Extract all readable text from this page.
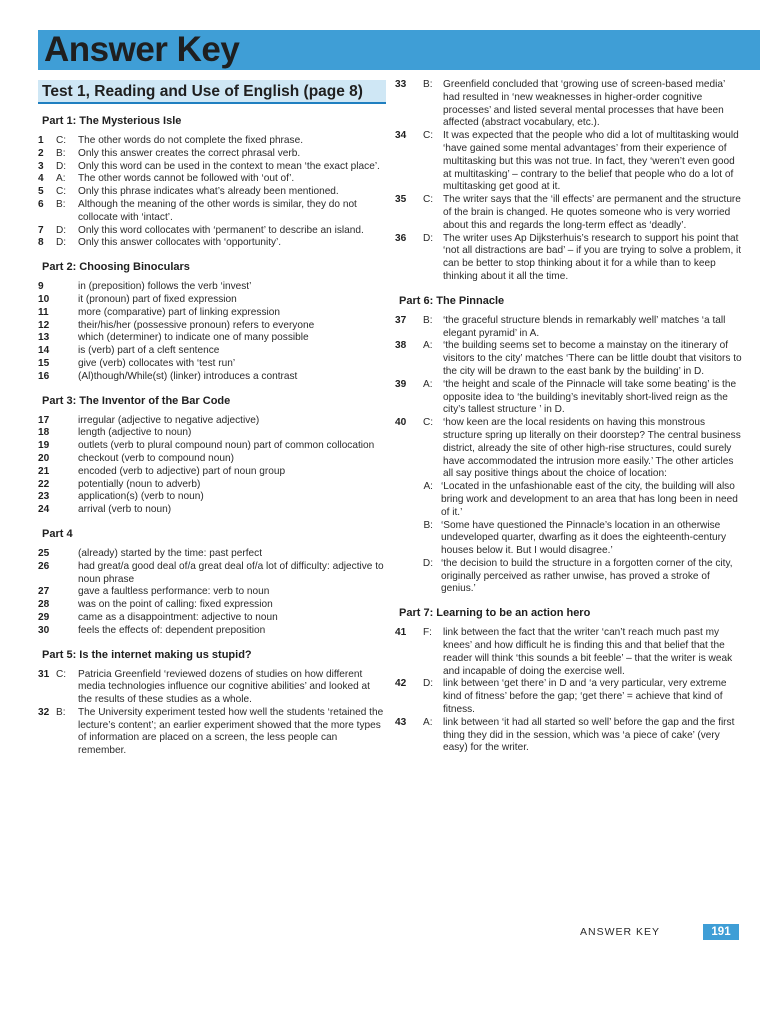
Answer Key
Test 1, Reading and Use of English (page 8)
Part 1: The Mysterious Isle
1	C:	The other words do not complete the fixed phrase.
2	B:	Only this answer creates the correct phrasal verb.
3	D:	Only this word can be used in the context to mean ‘the exact place’.
4	A:	The other words cannot be followed with ‘out of’.
5	C:	Only this phrase indicates what’s already been mentioned.
6	B:	Although the meaning of the other words is similar, they do not collocate with ‘intact’.
7	D:	Only this word collocates with ‘permanent’ to describe an island.
8	D:	Only this answer collocates with ‘opportunity’.
Part 2: Choosing Binoculars
9	in (preposition) follows the verb ‘invest’
10	it (pronoun) part of fixed expression
11	more (comparative) part of linking expression
12	their/his/her (possessive pronoun) refers to everyone
13	which (determiner) to indicate one of many possible
14	is (verb) part of a cleft sentence
15	give (verb) collocates with ‘test run’
16	(Al)though/While(st) (linker) introduces a contrast
Part 3: The Inventor of the Bar Code
17	irregular (adjective to negative adjective)
18	length (adjective to noun)
19	outlets (verb to plural compound noun) part of common collocation
20	checkout (verb to compound noun)
21	encoded (verb to adjective) part of noun group
22	potentially (noun to adverb)
23	application(s) (verb to noun)
24	arrival (verb to noun)
Part 4
25	(already) started by the time: past perfect
26	had great/a good deal of/a great deal of/a lot of difficulty: adjective to noun phrase
27	gave a faultless performance: verb to noun
28	was on the point of calling: fixed expression
29	came as a disappointment: adjective to noun
30	feels the effects of: dependent preposition
Part 5: Is the internet making us stupid?
31 C:	Patricia Greenfield ‘reviewed dozens of studies on how different media technologies influence our cognitive abilities’ and looked at the results of these studies as a whole.
32 B:	The University experiment tested how well the students ‘retained the lecture’s content’; an earlier experiment showed that the more types of information are placed on a screen, the less people can remember.
33	B:	Greenfield concluded that ‘growing use of screen-based media’ had resulted in ‘new weaknesses in higher-order cognitive processes’ and listed several mental processes that have been affected (abstract vocabulary, etc.).
34	C: It was expected that the people who did a lot of multitasking would ‘have gained some mental advantages’ from their experience of multitasking but this was not true. In fact, they ‘weren’t even good at multitasking’ – contrary to the belief that people who do a lot of multitasking get good at it.
35	C: The writer says that the ‘ill effects’ are permanent and the structure of the brain is changed. He quotes someone who is very worried about this and regards the long-term effect as ‘deadly’.
36	D: The writer uses Ap Dijksterhuis’s research to support his point that ‘not all distractions are bad’ – if you are trying to solve a problem, it can be better to stop thinking about it for a while than to keep thinking about it all the time.
Part 6: The Pinnacle
37	B:	‘the graceful structure blends in remarkably well’ matches ‘a tall elegant pyramid’ in A.
38	A:	‘the building seems set to become a mainstay on the itinerary of visitors to the city’ matches ‘There can be little doubt that visitors to the city will be drawn to the east bank by the building’ in D.
39	A:	‘the height and scale of the Pinnacle will take some beating’ is the opposite idea to ‘the building’s inevitably short-lived reign as the city’s tallest structure ’ in D.
40	C: ‘how keen are the local residents on having this monstrous structure spring up literally on their doorstep? The central business district, already the site of other high-rise structures, could surely have accommodated the intrusion more easily.’ The other articles all say positive things about the choice of location:
A: ‘Located in the unfashionable east of the city, the building will also bring work and development to an area that has long been in need of it.’
B: ‘Some have questioned the Pinnacle’s location in an otherwise undeveloped quarter, dwarfing as it does the eighteenth-century houses below it. But I would disagree.’
D: ‘the decision to build the structure in a forgotten corner of the city, originally perceived as rather unwise, has proved a stroke of genius.’
Part 7: Learning to be an action hero
41	F:	link between the fact that the writer ‘can’t reach much past my knees’ and how difficult he is finding this and that belief that the reader will think ‘this sounds a bit feeble’ – that the writer is weak and incapable of doing the exercise well.
42	D: link between ‘get there’ in D and ‘a very particular, very extreme kind of fitness’ before the gap; ‘get there’ = achieve that kind of fitness.
43	A:	link between ‘it had all started so well’ before the gap and the first thing they did in the session, which was ‘a piece of cake’ (very easy) for the writer.
ANSWER KEY	191
